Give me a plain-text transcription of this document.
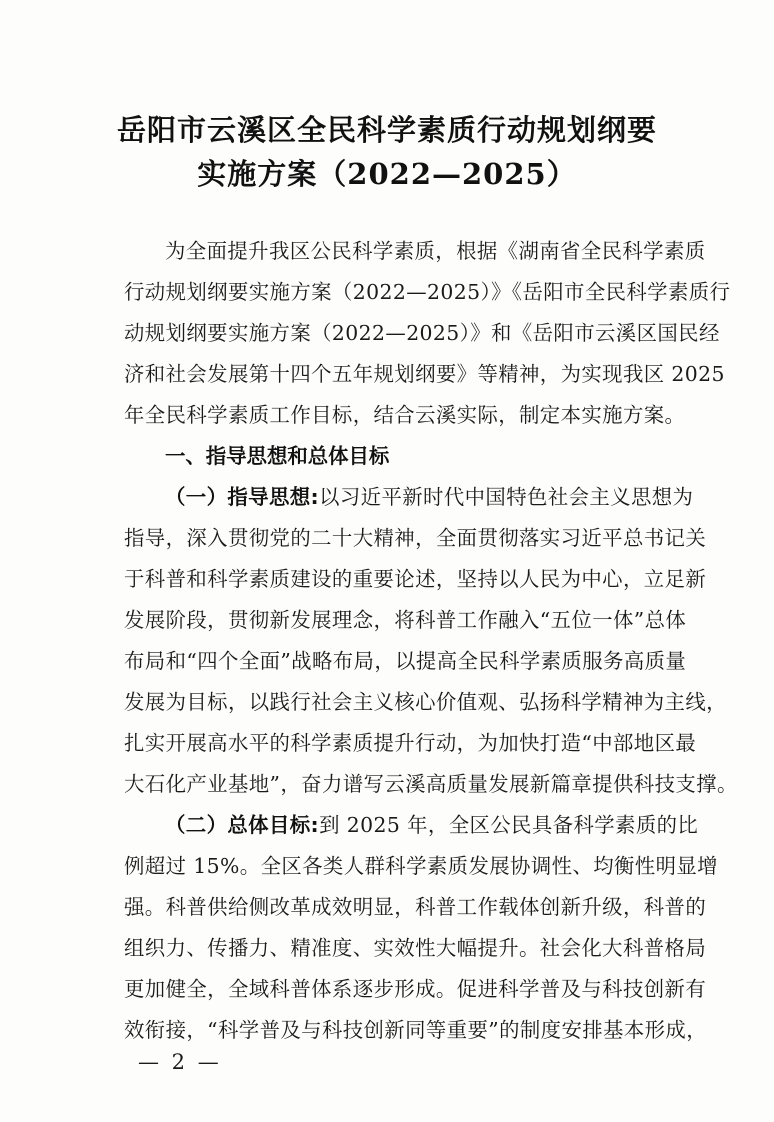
岳阳市云溪区全民科学素质行动规划纲要
实施方案（2022—2025）
为全面提升我区公民科学素质，根据《湖南省全民科学素质
行动规划纲要实施方案（2022—2025）》《岳阳市全民科学素质行
动规划纲要实施方案（2022—2025）》和《岳阳市云溪区国民经
济和社会发展第十四个五年规划纲要》等精神，为实现我区 2025
年全民科学素质工作目标，结合云溪实际，制定本实施方案。
一、指导思想和总体目标
（一）指导思想:以习近平新时代中国特色社会主义思想为
指导，深入贯彻党的二十大精神，全面贯彻落实习近平总书记关
于科普和科学素质建设的重要论述，坚持以人民为中心，立足新
发展阶段，贯彻新发展理念，将科普工作融入“五位一体”总体
布局和“四个全面”战略布局，以提高全民科学素质服务高质量
发展为目标，以践行社会主义核心价值观、弘扬科学精神为主线，
扎实开展高水平的科学素质提升行动，为加快打造“中部地区最
大石化产业基地”，奋力谱写云溪高质量发展新篇章提供科技支撑。
（二）总体目标:到 2025 年，全区公民具备科学素质的比
— 2 —
例超过 15%。全区各类人群科学素质发展协调性、均衡性明显增
强。科普供给侧改革成效明显，科普工作载体创新升级，科普的
组织力、传播力、精准度、实效性大幅提升。社会化大科普格局
更加健全，全域科普体系逐步形成。促进科学普及与科技创新有
效衔接，“科学普及与科技创新同等重要”的制度安排基本形成，
